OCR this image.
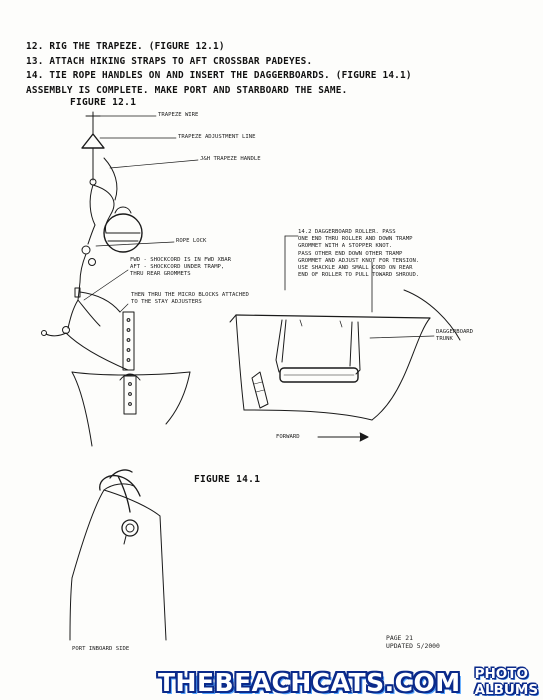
12. RIG THE TRAPEZE. (FIGURE 12.1)
13. ATTACH HIKING STRAPS TO AFT CROSSBAR PADEYES.
14. TIE ROPE HANDLES ON AND INSERT THE DAGGERBOARDS. (FIGURE 14.1)
ASSEMBLY IS COMPLETE. MAKE PORT AND STARBOARD THE SAME.
FIGURE 12.1
TRAPEZE WIRE
TRAPEZE ADJUSTMENT LINE
J&H TRAPEZE HANDLE
ROPE LOCK
FWD - SHOCKCORD IS IN FWD XBAR
AFT - SHOCKCORD UNDER TRAMP,
THRU REAR GROMMETS
THEN THRU THE MICRO BLOCKS ATTACHED
TO THE STAY ADJUSTERS
14.2 DAGGERBOARD ROLLER. PASS
ONE END THRU ROLLER AND DOWN TRAMP
GROMMET WITH A STOPPER KNOT.
PASS OTHER END DOWN OTHER TRAMP
GROMMET AND ADJUST KNOT FOR TENSION.
USE SHACKLE AND SMALL CORD ON REAR
END OF ROLLER TO PULL TOWARD SHROUD.
DAGGERBOARD
TRUNK
FORWARD
FIGURE 14.1
PORT INBOARD SIDE
PAGE 21
UPDATED 5/2000
THEBEACHCATS.COM PHOTO ALBUMS
